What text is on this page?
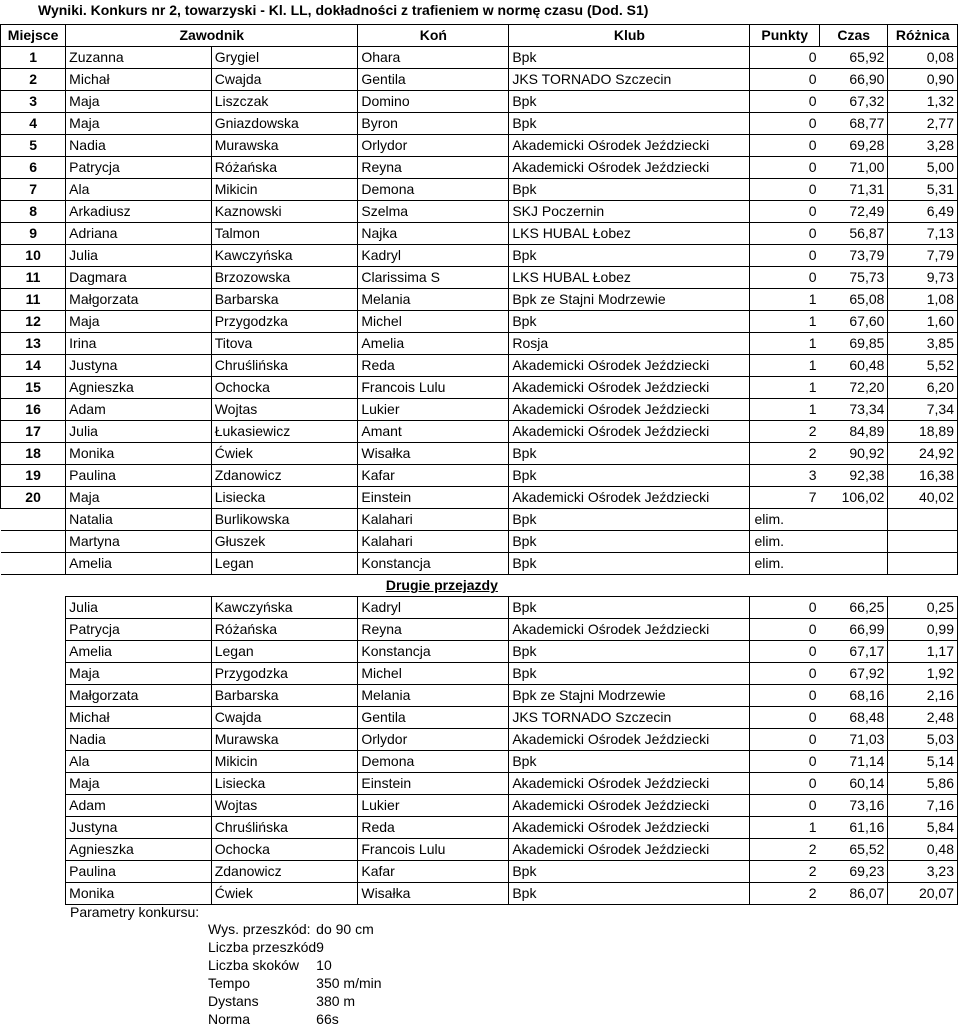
Wyniki. Konkurs nr 2, towarzyski - Kl. LL, dokładności z trafieniem w normę czasu (Dod. S1)
Miejsce	Zawodnik		Koń	Klub	Punkty	Czas	Różnica
1	Zuzanna	Grygiel	Ohara	Bpk	0	65,92	0,08
2	Michał	Cwajda	Gentila	JKS TORNADO Szczecin	0	66,90	0,90
3	Maja	Liszczak	Domino	Bpk	0	67,32	1,32
4	Maja	Gniazdowska	Byron	Bpk	0	68,77	2,77
5	Nadia	Murawska	Orlydor	Akademicki Ośrodek Jeździecki	0	69,28	3,28
6	Patrycja	Różańska	Reyna	Akademicki Ośrodek Jeździecki	0	71,00	5,00
7	Ala	Mikicin	Demona	Bpk	0	71,31	5,31
8	Arkadiusz	Kaznowski	Szelma	SKJ Poczernin	0	72,49	6,49
9	Adriana	Talmon	Najka	LKS HUBAL Łobez	0	56,87	7,13
10	Julia	Kawczyńska	Kadryl	Bpk	0	73,79	7,79
11	Dagmara	Brzozowska	Clarissima S	LKS HUBAL Łobez	0	75,73	9,73
11	Małgorzata	Barbarska	Melania	Bpk ze Stajni Modrzewie	1	65,08	1,08
12	Maja	Przygodzka	Michel	Bpk	1	67,60	1,60
13	Irina	Titova	Amelia	Rosja	1	69,85	3,85
14	Justyna	Chruślińska	Reda	Akademicki Ośrodek Jeździecki	1	60,48	5,52
15	Agnieszka	Ochocka	Francois Lulu	Akademicki Ośrodek Jeździecki	1	72,20	6,20
16	Adam	Wojtas	Lukier	Akademicki Ośrodek Jeździecki	1	73,34	7,34
17	Julia	Łukasiewicz	Amant	Akademicki Ośrodek Jeździecki	2	84,89	18,89
18	Monika	Ćwiek	Wisałka	Bpk	2	90,92	24,92
19	Paulina	Zdanowicz	Kafar	Bpk	3	92,38	16,38
20	Maja	Lisiecka	Einstein	Akademicki Ośrodek Jeździecki	7	106,02	40,02
	Natalia	Burlikowska	Kalahari	Bpk	elim.		
	Martyna	Głuszek	Kalahari	Bpk	elim.		
	Amelia	Legan	Konstancja	Bpk	elim.		
			Drugie przejazdy				
	Julia	Kawczyńska	Kadryl	Bpk	0	66,25	0,25
	Patrycja	Różańska	Reyna	Akademicki Ośrodek Jeździecki	0	66,99	0,99
	Amelia	Legan	Konstancja	Bpk	0	67,17	1,17
	Maja	Przygodzka	Michel	Bpk	0	67,92	1,92
	Małgorzata	Barbarska	Melania	Bpk ze Stajni Modrzewie	0	68,16	2,16
	Michał	Cwajda	Gentila	JKS TORNADO Szczecin	0	68,48	2,48
	Nadia	Murawska	Orlydor	Akademicki Ośrodek Jeździecki	0	71,03	5,03
	Ala	Mikicin	Demona	Bpk	0	71,14	5,14
	Maja	Lisiecka	Einstein	Akademicki Ośrodek Jeździecki	0	60,14	5,86
	Adam	Wojtas	Lukier	Akademicki Ośrodek Jeździecki	0	73,16	7,16
	Justyna	Chruślińska	Reda	Akademicki Ośrodek Jeździecki	1	61,16	5,84
	Agnieszka	Ochocka	Francois Lulu	Akademicki Ośrodek Jeździecki	2	65,52	0,48
	Paulina	Zdanowicz	Kafar	Bpk	2	69,23	3,23
	Monika	Ćwiek	Wisałka	Bpk	2	86,07	20,07
Parametry konkursu:
Wys. przeszkód:	do 90 cm
Liczba przeszkód	9
Liczba skoków	10
Tempo	350 m/min
Dystans	380 m
Norma	66s
